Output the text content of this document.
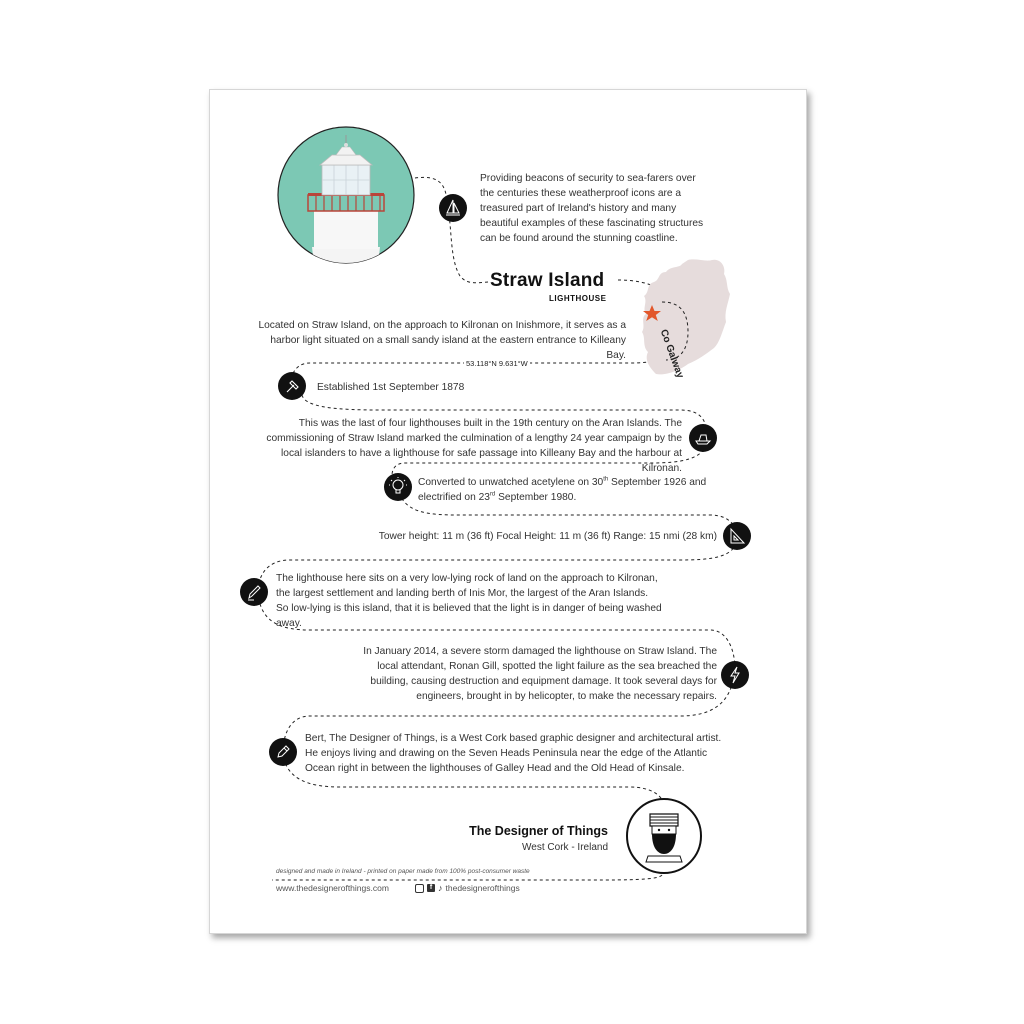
Providing beacons of security to sea-farers over the centuries these weatherproof icons are a treasured part of Ireland's history and many beautiful examples of these fascinating structures can be found around the stunning coastline.
Straw Island
LIGHTHOUSE
Co Galway
Located on Straw Island, on the approach to Kilronan on Inishmore, it serves as a harbor light situated on a small sandy island at the eastern entrance to Killeany Bay.
53.118°N 9.631°W
Established 1st September 1878
This was the last of four lighthouses built in the 19th century on the Aran Islands. The commissioning of Straw Island marked the culmination of a lengthy 24 year campaign by the local islanders to have a lighthouse for safe passage into Killeany Bay and the harbour at Kilronan.
Converted to unwatched acetylene on 30th September 1926 and electrified on 23rd September 1980.
Tower height: 11 m (36 ft) Focal Height: 11 m (36 ft) Range: 15 nmi (28 km)
The lighthouse here sits on a very low-lying rock of land on the approach to Kilronan, the largest settlement and landing berth of Inis Mor, the largest of the Aran Islands. So low-lying is this island, that it is believed that the light is in danger of being washed away.
In January 2014, a severe storm damaged the lighthouse on Straw Island. The local attendant, Ronan Gill, spotted the light failure as the sea breached the building, causing destruction and equipment damage. It took several days for engineers, brought in by helicopter, to make the necessary repairs.
Bert, The Designer of Things, is a West Cork based graphic designer and architectural artist. He enjoys living and drawing on the Seven Heads Peninsula near the edge of the Atlantic Ocean right in between the lighthouses of Galley Head and the Old Head of Kinsale.
The Designer of Things
West Cork - Ireland
designed and made in Ireland - printed on paper made from 100% post-consumer waste
www.thedesignerofthings.com	f ♪ thedesignerofthings
